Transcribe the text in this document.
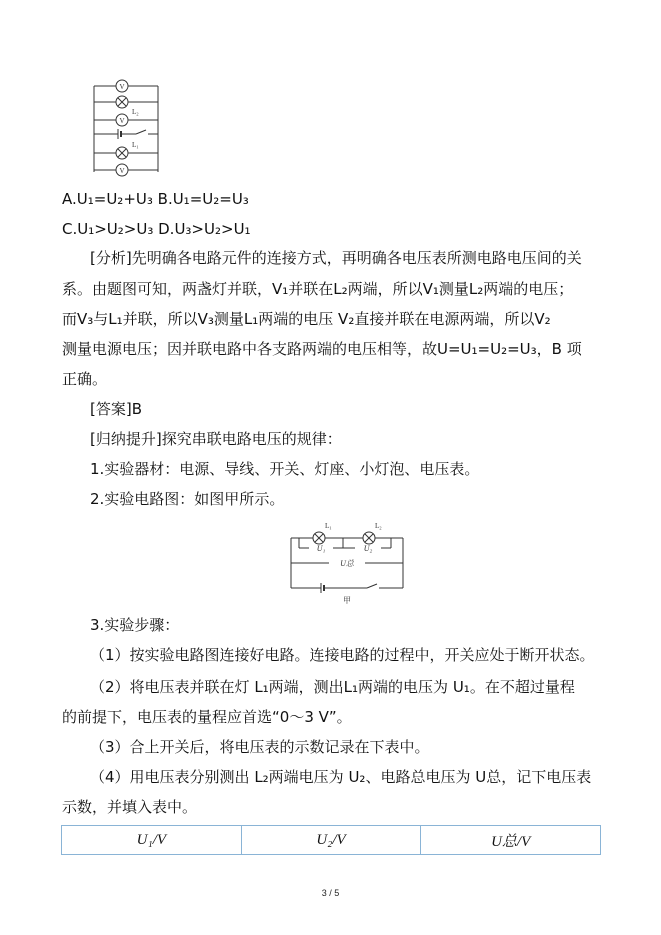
V
V
V
L₂
L₁
A.U₁=U₂+U₃ B.U₁=U₂=U₃
C.U₁>U₂>U₃ D.U₃>U₂>U₁
[分析]先明确各电路元件的连接方式，再明确各电压表所测电路电压间的关
系。由题图可知，两盏灯并联，V₁并联在L₂两端，所以V₁测量L₂两端的电压；
而V₃与L₁并联，所以V₃测量L₁两端的电压 V₂直接并联在电源两端，所以V₂
测量电源电压；因并联电路中各支路两端的电压相等，故U=U₁=U₂=U₃，B 项
正确。
[答案]B
[归纳提升]探究串联电路电压的规律：
1.实验器材：电源、导线、开关、灯座、小灯泡、电压表。
2.实验电路图：如图甲所示。
L₁	L₂
U₁	U₂
U总
甲
3.实验步骤：
（1）按实验电路图连接好电路。连接电路的过程中，开关应处于断开状态。
（2）将电压表并联在灯 L₁两端，测出L₁两端的电压为 U₁。在不超过量程
的前提下，电压表的量程应首选“0～3 V”。
（3）合上开关后，将电压表的示数记录在下表中。
（4）用电压表分别测出 L₂两端电压为 U₂、电路总电压为 U总，记下电压表
示数，并填入表中。
U₁/V	U₂/V	U总/V
3 / 5
